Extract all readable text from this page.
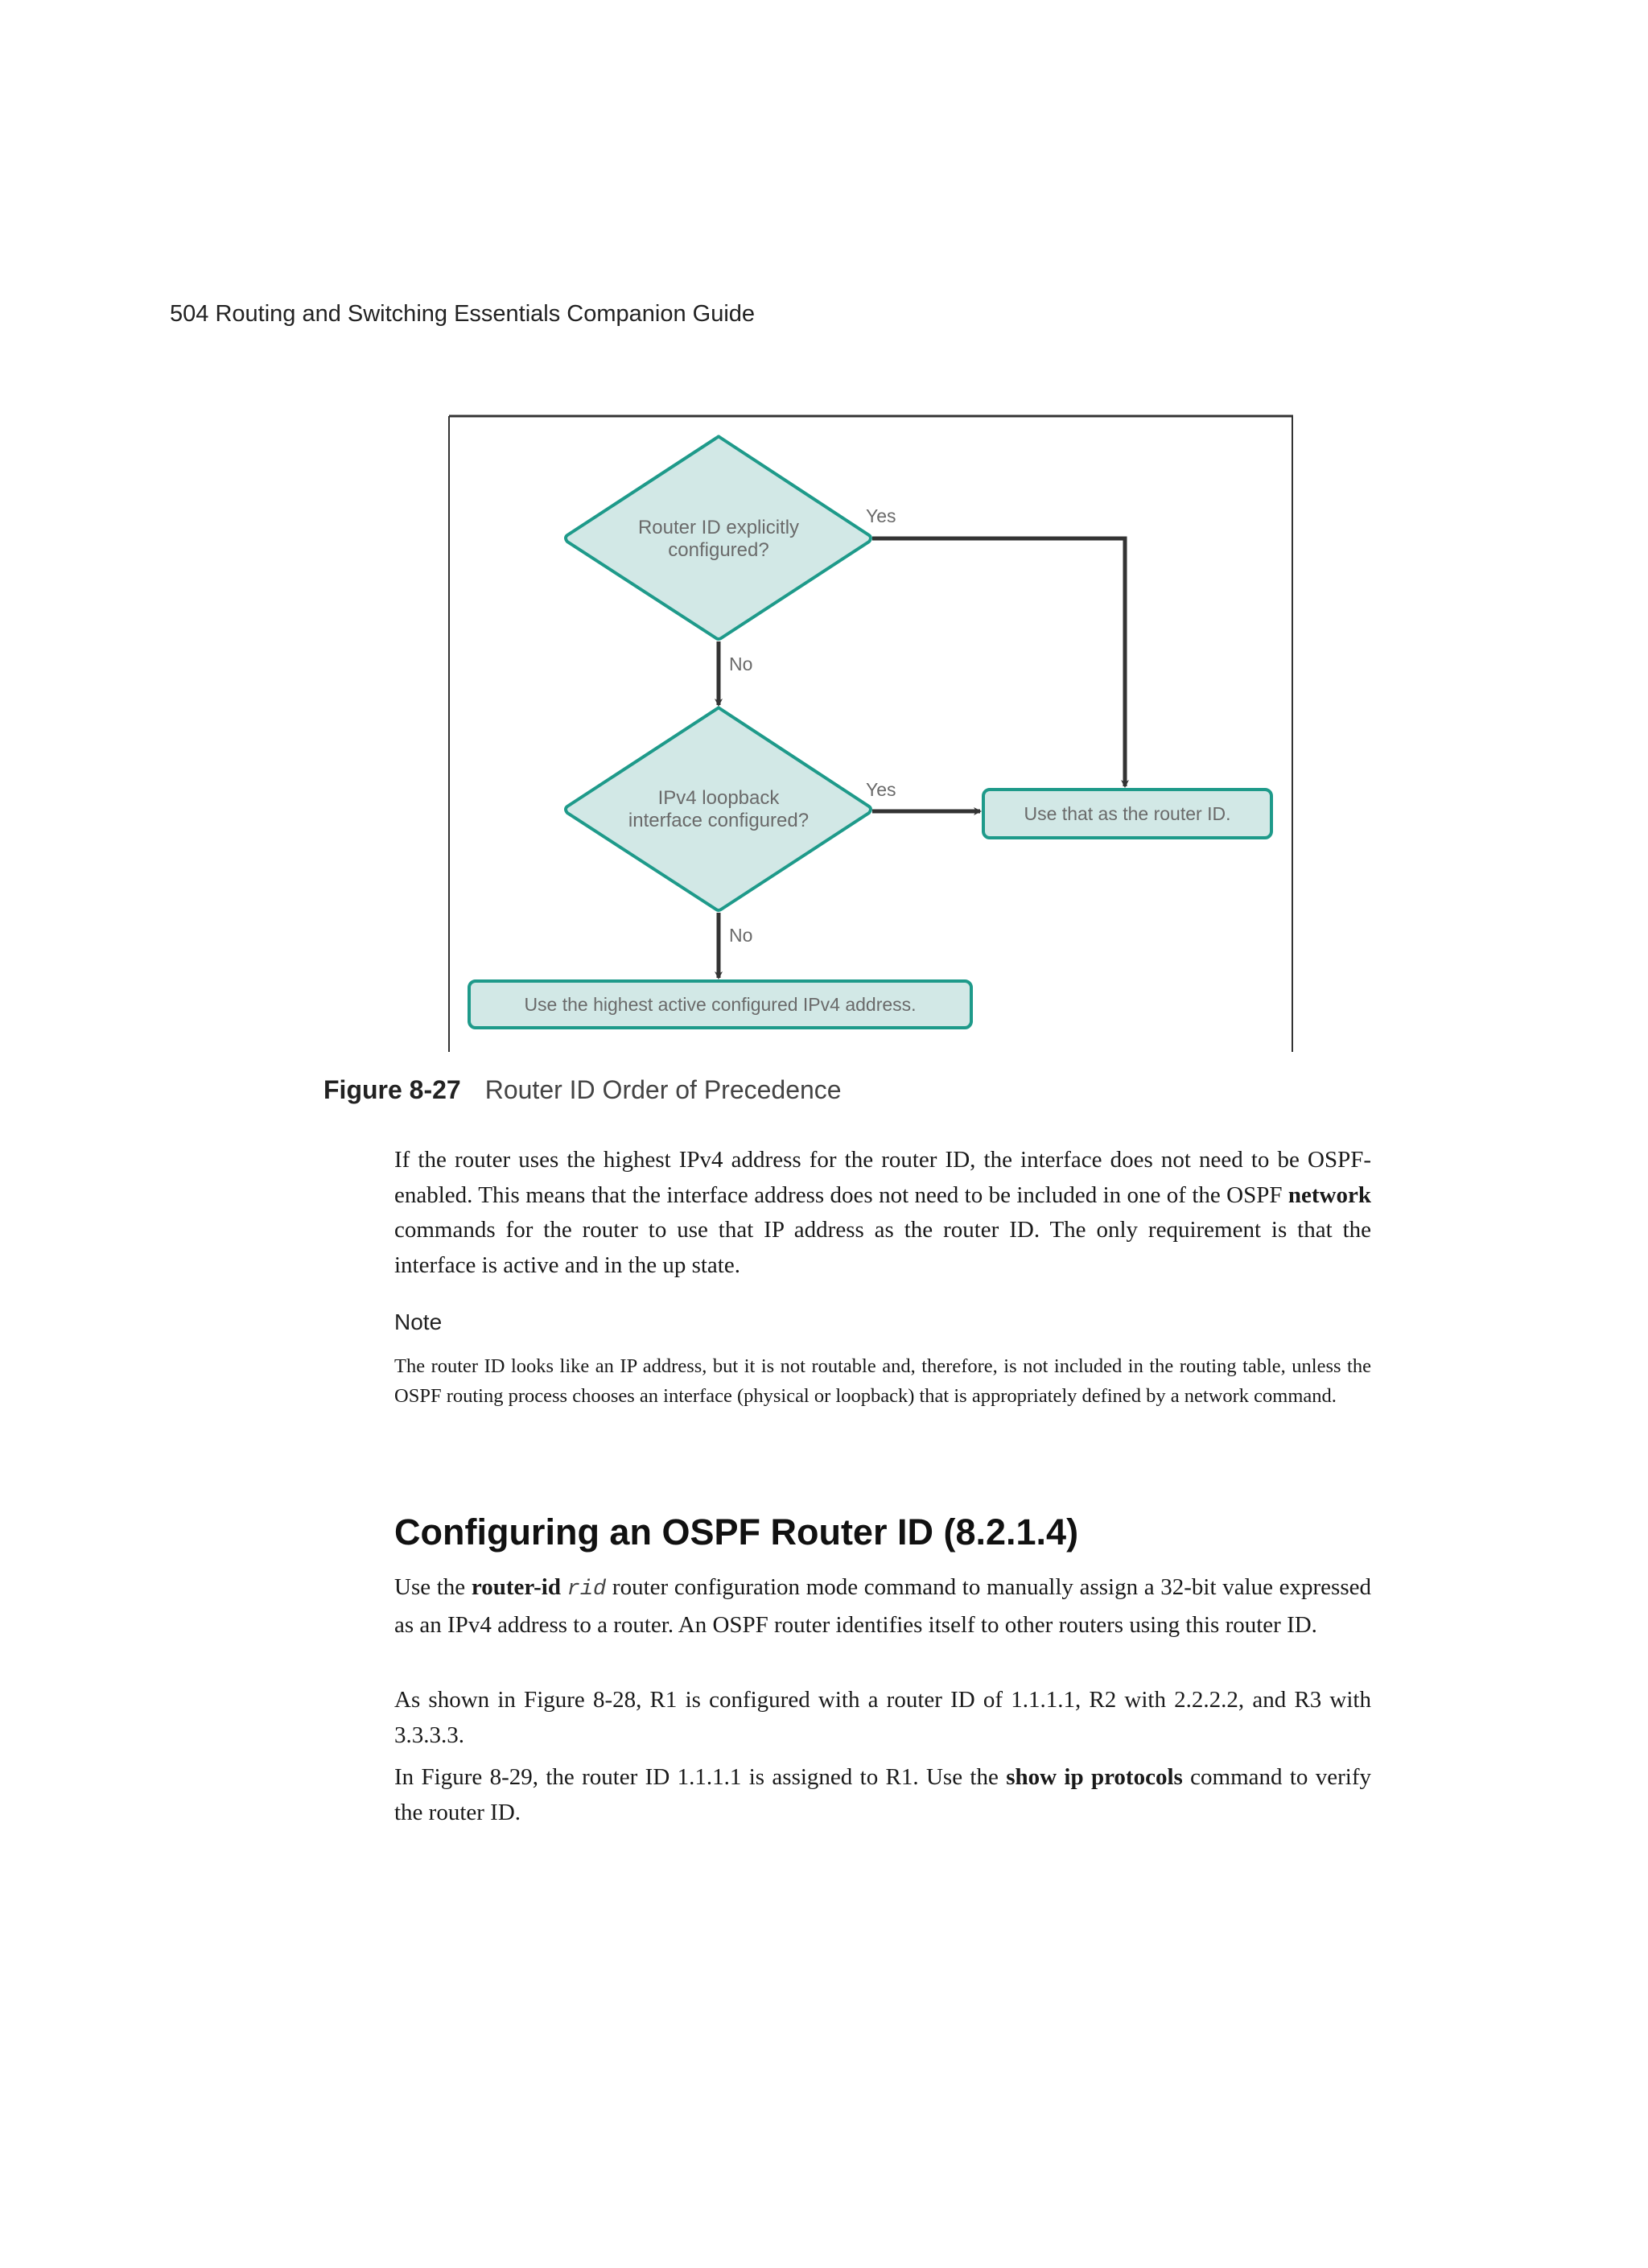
504 Routing and Switching Essentials Companion Guide
Router ID explicitly
configured?
IPv4 loopback
interface configured?	Use that as the router ID.
Use the highest active configured IPv4 address.
Yes
No
Yes
No
Figure 8-27 Router ID Order of Precedence

If the router uses the highest IPv4 address for the router ID, the interface does not need to be OSPF-enabled. This means that the interface address does not need to be included in one of the OSPF network commands for the router to use that IP address as the router ID. The only requirement is that the interface is active and in the up state.

Note

The router ID looks like an IP address, but it is not routable and, therefore, is not included in the routing table, unless the OSPF routing process chooses an interface (physical or loopback) that is appropriately defined by a network command.

Configuring an OSPF Router ID (8.2.1.4)

Use the router-id rid router configuration mode command to manually assign a 32-bit value expressed as an IPv4 address to a router. An OSPF router identifies itself to other routers using this router ID.

As shown in Figure 8-28, R1 is configured with a router ID of 1.1.1.1, R2 with 2.2.2.2, and R3 with 3.3.3.3.

In Figure 8-29, the router ID 1.1.1.1 is assigned to R1. Use the show ip protocols command to verify the router ID.
